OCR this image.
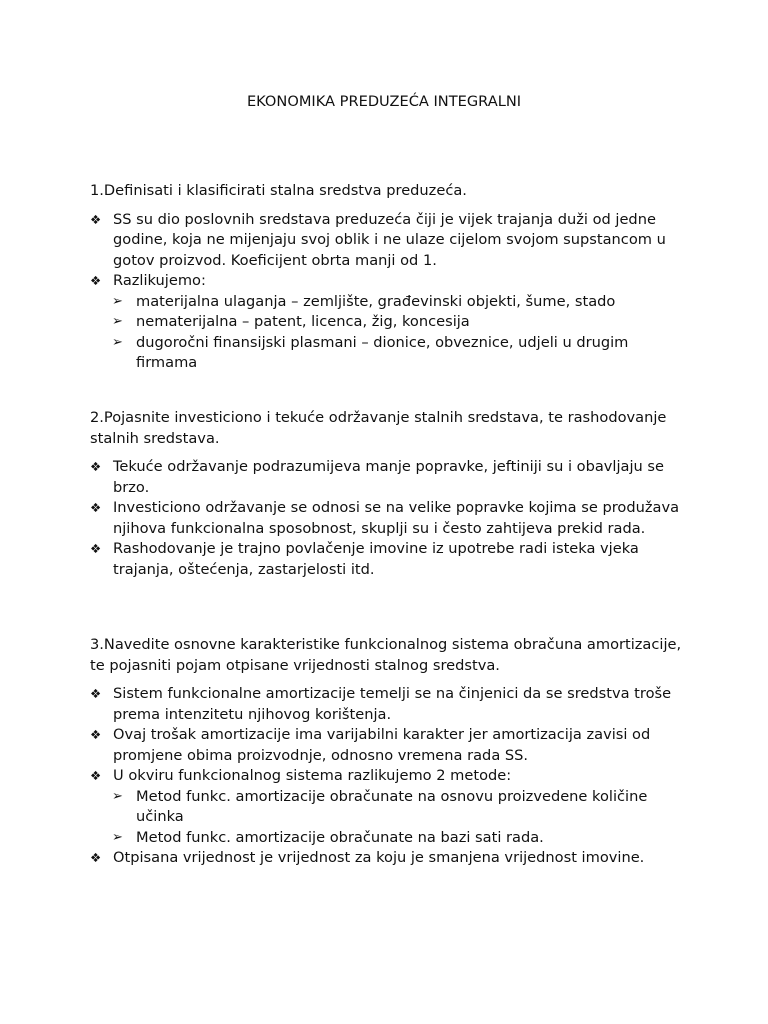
EKONOMIKA PREDUZEĆA INTEGRALNI
1.Definisati i klasificirati stalna sredstva preduzeća.
❖ SS su dio poslovnih sredstava preduzeća čiji je vijek trajanja duži od jedne godine, koja ne mijenjaju svoj oblik i ne ulaze cijelom svojom supstancom u gotov proizvod. Koeficijent obrta manji od 1.
❖ Razlikujemo:
➢ materijalna ulaganja – zemljište, građevinski objekti, šume, stado
➢ nematerijalna – patent, licenca, žig, koncesija
➢ dugoročni finansijski plasmani – dionice, obveznice, udjeli u drugim firmama
2.Pojasnite investiciono i tekuće održavanje stalnih sredstava, te rashodovanje stalnih sredstava.
❖ Tekuće održavanje podrazumijeva manje popravke, jeftiniji su i obavljaju se brzo.
❖ Investiciono održavanje se odnosi se na velike popravke kojima se produžava njihova funkcionalna sposobnost, skuplji su i često zahtijeva prekid rada.
❖ Rashodovanje je trajno povlačenje imovine iz upotrebe radi isteka vjeka trajanja, oštećenja, zastarjelosti itd.
3.Navedite osnovne karakteristike funkcionalnog sistema obračuna amortizacije, te pojasniti pojam otpisane vrijednosti stalnog sredstva.
❖ Sistem funkcionalne amortizacije temelji se na činjenici da se sredstva troše prema intenzitetu njihovog korištenja.
❖ Ovaj trošak amortizacije ima varijabilni karakter jer amortizacija zavisi od promjene obima proizvodnje, odnosno vremena rada SS.
❖ U okviru funkcionalnog sistema razlikujemo 2 metode:
➢ Metod funkc. amortizacije obračunate na osnovu proizvedene količine učinka
➢ Metod funkc. amortizacije obračunate na bazi sati rada.
❖ Otpisana vrijednost je vrijednost za koju je smanjena vrijednost imovine.
